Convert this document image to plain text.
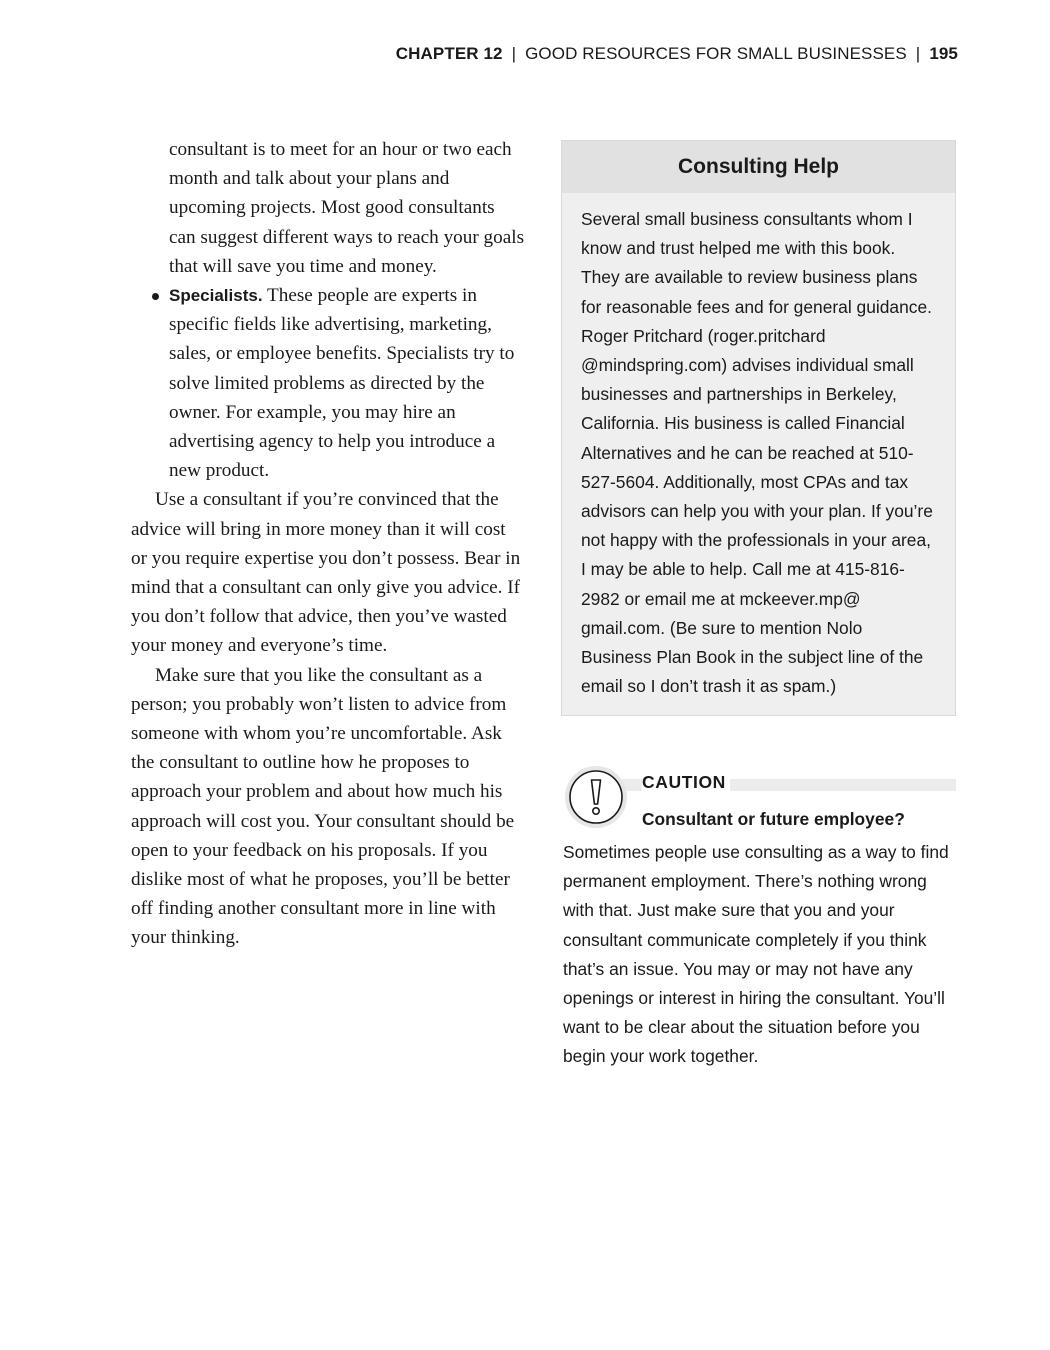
CHAPTER 12 | GOOD RESOURCES FOR SMALL BUSINESSES | 195

consultant is to meet for an hour or two each month and talk about your plans and upcoming projects. Most good consultants can suggest different ways to reach your goals that will save you time and money.

Specialists. These people are experts in specific fields like advertising, marketing, sales, or employee benefits. Specialists try to solve limited problems as directed by the owner. For example, you may hire an advertising agency to help you introduce a new product.

Use a consultant if you’re convinced that the advice will bring in more money than it will cost or you require expertise you don’t possess. Bear in mind that a consultant can only give you advice. If you don’t follow that advice, then you’ve wasted your money and everyone’s time.

Make sure that you like the consultant as a person; you probably won’t listen to advice from someone with whom you’re uncomfortable. Ask the consultant to outline how he proposes to approach your problem and about how much his approach will cost you. Your consultant should be open to your feedback on his proposals. If you dislike most of what he proposes, you’ll be better off finding another consultant more in line with your thinking.

Consulting Help
Several small business consultants whom I know and trust helped me with this book. They are available to review business plans for reasonable fees and for general guidance. Roger Pritchard (roger.pritchard @mindspring.com) advises individual small businesses and partnerships in Berkeley, California. His business is called Financial Alternatives and he can be reached at 510-527-5604. Additionally, most CPAs and tax advisors can help you with your plan. If you’re not happy with the professionals in your area, I may be able to help. Call me at 415-816-2982 or email me at mckeever.mp@ gmail.com. (Be sure to mention Nolo Business Plan Book in the subject line of the email so I don’t trash it as spam.)
CAUTION
Consultant or future employee?

Sometimes people use consulting as a way to find permanent employment. There’s nothing wrong with that. Just make sure that you and your consultant communicate completely if you think that’s an issue. You may or may not have any openings or interest in hiring the consultant. You’ll want to be clear about the situation before you begin your work together.
